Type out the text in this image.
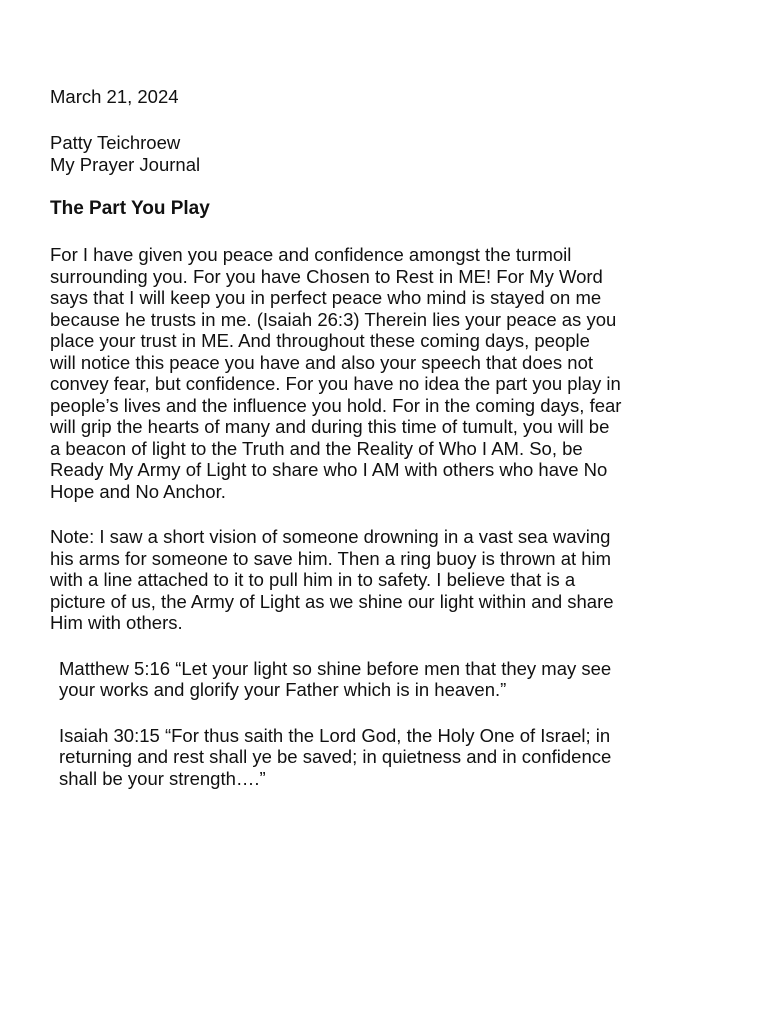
March 21, 2024

Patty Teichroew

My Prayer Journal

The Part You Play

For I have given you peace and confidence amongst the turmoil
surrounding you. For you have Chosen to Rest in ME! For My Word
says that I will keep you in perfect peace who mind is stayed on me
because he trusts in me. (Isaiah 26:3) Therein lies your peace as you
place your trust in ME. And throughout these coming days, people
will notice this peace you have and also your speech that does not
convey fear, but confidence. For you have no idea the part you play in
people’s lives and the influence you hold. For in the coming days, fear
will grip the hearts of many and during this time of tumult, you will be
a beacon of light to the Truth and the Reality of Who I AM. So, be
Ready My Army of Light to share who I AM with others who have No
Hope and No Anchor.

Note: I saw a short vision of someone drowning in a vast sea waving
his arms for someone to save him. Then a ring buoy is thrown at him
with a line attached to it to pull him in to safety. I believe that is a
picture of us, the Army of Light as we shine our light within and share
Him with others.

Matthew 5:16 “Let your light so shine before men that they may see
your works and glorify your Father which is in heaven.”

Isaiah 30:15 “For thus saith the Lord God, the Holy One of Israel; in
returning and rest shall ye be saved; in quietness and in confidence
shall be your strength….”
